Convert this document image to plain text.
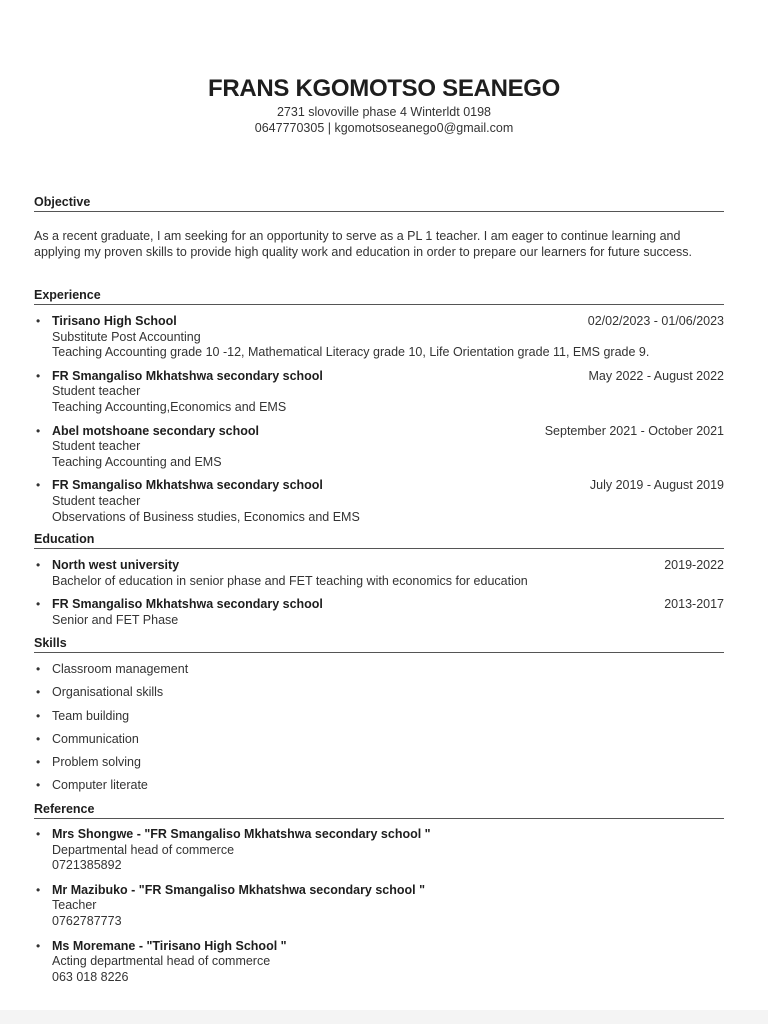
FRANS KGOMOTSO SEANEGO
2731 slovoville phase 4 Winterldt 0198
0647770305 | kgomotsoseanego0@gmail.com
Objective
As a recent graduate, I am seeking for an opportunity to serve as a PL 1 teacher. I am eager to continue learning and applying my proven skills to provide high quality work and education in order to prepare our learners for future success.
Experience
• Tirisano High School	02/02/2023 - 01/06/2023
Substitute Post Accounting
Teaching Accounting grade 10 -12, Mathematical Literacy grade 10, Life Orientation grade 11, EMS grade 9.
• FR Smangaliso Mkhatshwa secondary school	May 2022 - August 2022
Student teacher
Teaching Accounting,Economics and EMS
• Abel motshoane secondary school	September 2021 - October 2021
Student teacher
Teaching Accounting and EMS
• FR Smangaliso Mkhatshwa secondary school	July 2019 - August 2019
Student teacher
Observations of Business studies, Economics and EMS
Education
• North west university	2019-2022
Bachelor of education in senior phase and FET teaching with economics for education
• FR Smangaliso Mkhatshwa secondary school	2013-2017
Senior and FET Phase
Skills
• Classroom management
• Organisational skills
• Team building
• Communication
• Problem solving
• Computer literate
Reference
• Mrs Shongwe - "FR Smangaliso Mkhatshwa secondary school "
Departmental head of commerce
0721385892
• Mr Mazibuko - "FR Smangaliso Mkhatshwa secondary school "
Teacher
0762787773
• Ms Moremane - "Tirisano High School "
Acting departmental head of commerce
063 018 8226
